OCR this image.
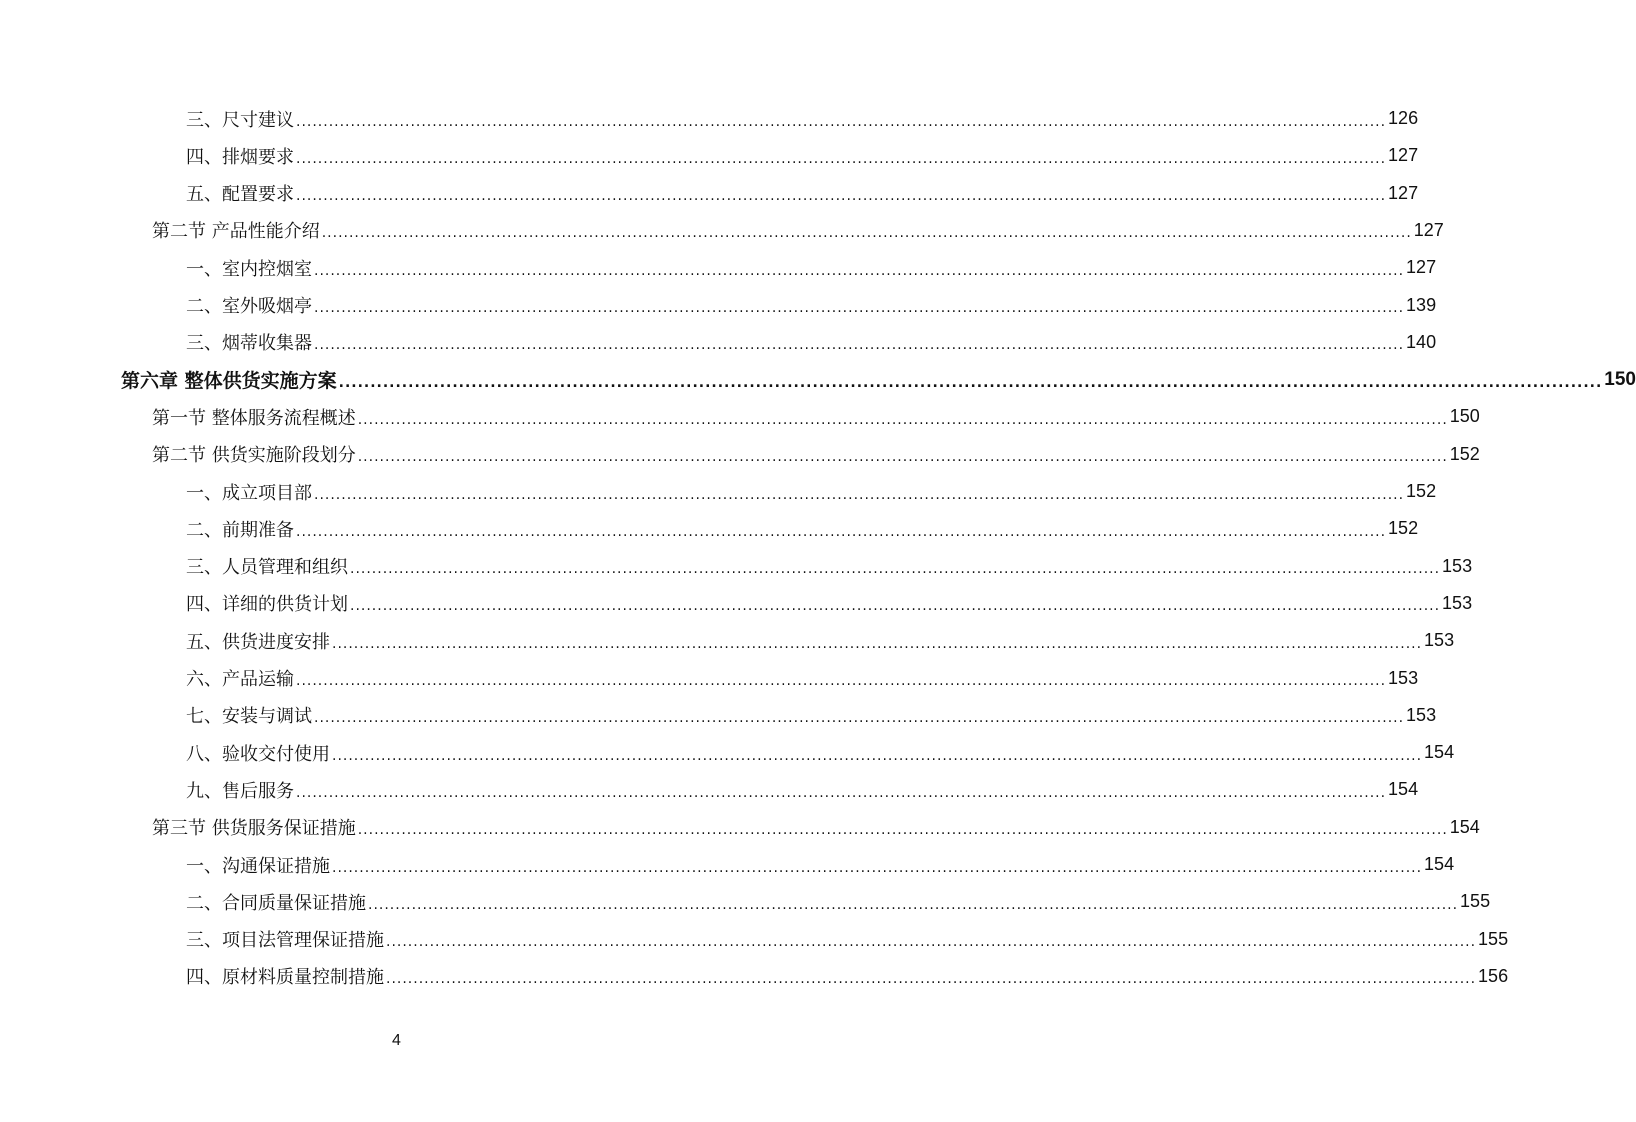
三、尺寸建议 ........................................................................................................................................................................................................ 126
四、排烟要求 ........................................................................................................................................................................................................ 127
五、配置要求 ........................................................................................................................................................................................................ 127
第二节 产品性能介绍 ........................................................................................................................................................................................................ 127
一、室内控烟室 ........................................................................................................................................................................................................ 127
二、室外吸烟亭 ........................................................................................................................................................................................................ 139
三、烟蒂收集器 ........................................................................................................................................................................................................ 140
第六章 整体供货实施方案 ........................................................................................................................................................................................................ 150
第一节 整体服务流程概述 ........................................................................................................................................................................................................ 150
第二节 供货实施阶段划分 ........................................................................................................................................................................................................ 152
一、成立项目部 ........................................................................................................................................................................................................ 152
二、前期准备 ........................................................................................................................................................................................................ 152
三、人员管理和组织 ........................................................................................................................................................................................................ 153
四、详细的供货计划 ........................................................................................................................................................................................................ 153
五、供货进度安排 ........................................................................................................................................................................................................ 153
六、产品运输 ........................................................................................................................................................................................................ 153
七、安装与调试 ........................................................................................................................................................................................................ 153
八、验收交付使用 ........................................................................................................................................................................................................ 154
九、售后服务 ........................................................................................................................................................................................................ 154
第三节 供货服务保证措施 ........................................................................................................................................................................................................ 154
一、沟通保证措施 ........................................................................................................................................................................................................ 154
二、合同质量保证措施 ........................................................................................................................................................................................................ 155
三、项目法管理保证措施 ........................................................................................................................................................................................................ 155
四、原材料质量控制措施 ........................................................................................................................................................................................................ 156
4
